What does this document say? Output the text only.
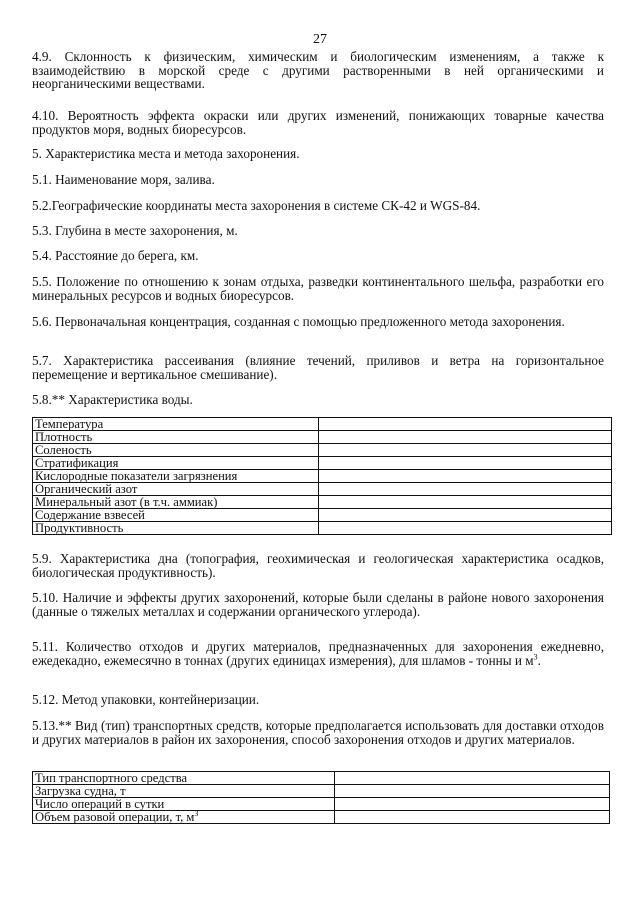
27
4.9. Склонность к физическим, химическим и биологическим изменениям, а также к взаимодействию в морской среде с другими растворенными в ней органическими и неорганическими веществами.
4.10. Вероятность эффекта окраски или других изменений, понижающих товарные качества продуктов моря, водных биоресурсов.
5. Характеристика места и метода захоронения.
5.1. Наименование моря, залива.
5.2.Географические координаты места захоронения в системе СК-42 и WGS-84.
5.3. Глубина в месте захоронения, м.
5.4. Расстояние до берега, км.
5.5. Положение по отношению к зонам отдыха, разведки континентального шельфа, разработки его минеральных ресурсов и водных биоресурсов.
5.6. Первоначальная концентрация, созданная с помощью предложенного метода захоронения.
5.7. Характеристика рассеивания (влияние течений, приливов и ветра на горизонтальное перемещение и вертикальное смешивание).
5.8.** Характеристика воды.
Температура	
Плотность	
Соленость	
Стратификация	
Кислородные показатели загрязнения	
Органический азот	
Минеральный азот (в т.ч. аммиак)	
Содержание взвесей	
Продуктивность	
5.9. Характеристика дна (топография, геохимическая и геологическая характеристика осадков, биологическая продуктивность).
5.10. Наличие и эффекты других захоронений, которые были сделаны в районе нового захоронения (данные о тяжелых металлах и содержании органического углерода).
5.11. Количество отходов и других материалов, предназначенных для захоронения ежедневно, ежедекадно, ежемесячно в тоннах (других единицах измерения), для шламов - тонны и $м^3$.
5.12. Метод упаковки, контейнеризации.
5.13.** Вид (тип) транспортных средств, которые предполагается использовать для доставки отходов и других материалов в район их захоронения, способ захоронения отходов и других материалов.
Тип транспортного средства	
Загрузка судна, т	
Число операций в сутки	
Объем разовой операции, т, $м^3$	
